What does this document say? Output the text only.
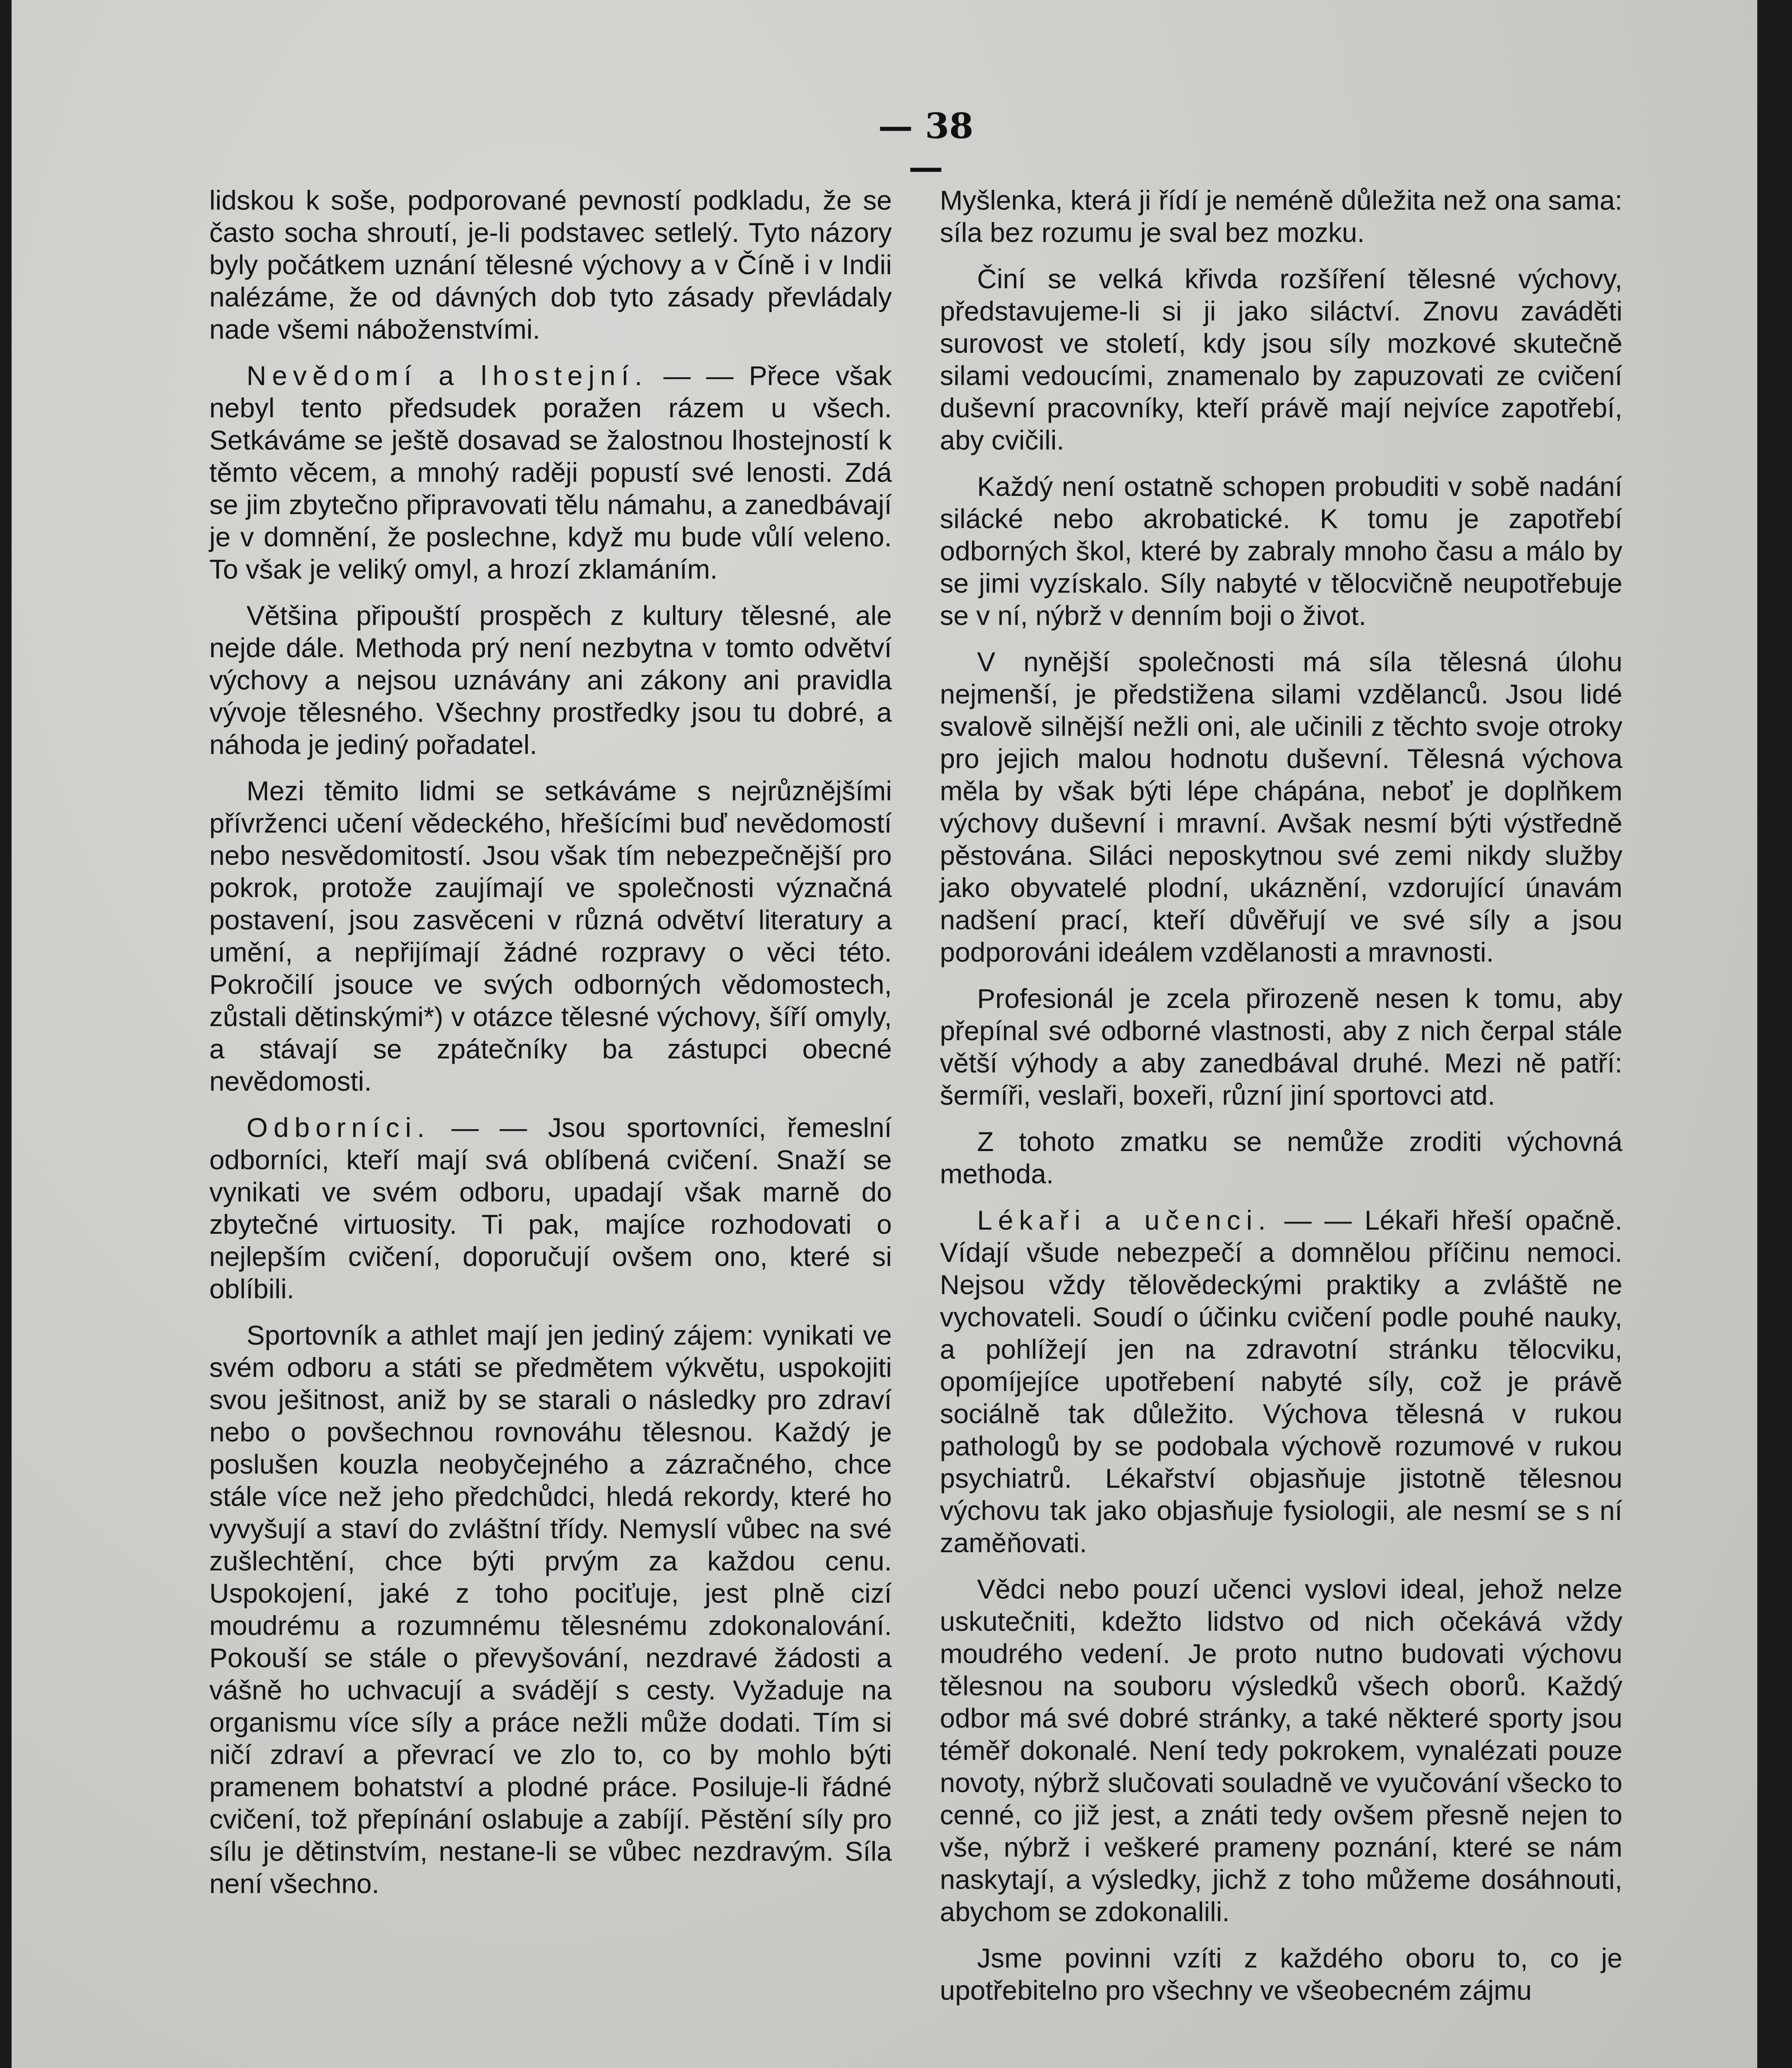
— 38 —

lidskou k soše, podporované pevností podkladu, že se často socha shroutí, je-li podstavec setlelý. Tyto názory byly počátkem uznání tělesné výchovy a v Číně i v Indii nalézáme, že od dávných dob tyto zásady převládaly nade všemi náboženstvími.

Nevědomí a lhostejní. — — Přece však nebyl tento předsudek poražen rázem u všech. Setkáváme se ještě dosavad se žalostnou lhostejností k těmto věcem, a mnohý raději popustí své lenosti. Zdá se jim zbytečno připravovati tělu námahu, a zanedbávají je v domnění, že poslechne, když mu bude vůlí veleno. To však je veliký omyl, a hrozí zklamáním.

Většina připouští prospěch z kultury tělesné, ale nejde dále. Methoda prý není nezbytna v tomto odvětví výchovy a nejsou uznávány ani zákony ani pravidla vývoje tělesného. Všechny prostředky jsou tu dobré, a náhoda je jediný pořadatel.

Mezi těmito lidmi se setkáváme s nejrůznějšími přívrženci učení vědeckého, hřešícími buď nevědomostí nebo nesvědomitostí. Jsou však tím nebezpečnější pro pokrok, protože zaujímají ve společnosti význačná postavení, jsou zasvěceni v různá odvětví literatury a umění, a nepřijímají žádné rozpravy o věci této. Pokročilí jsouce ve svých odborných vědomostech, zůstali dětinskými*) v otázce tělesné výchovy, šíří omyly, a stávají se zpátečníky ba zástupci obecné nevědomosti.

Odborníci. — — Jsou sportovníci, řemeslní odborníci, kteří mají svá oblíbená cvičení. Snaží se vynikati ve svém odboru, upadají však marně do zbytečné virtuosity. Ti pak, majíce rozhodovati o nejlepším cvičení, doporučují ovšem ono, které si oblíbili.

Sportovník a athlet mají jen jediný zájem: vynikati ve svém odboru a státi se předmětem výkvětu, uspokojiti svou ješitnost, aniž by se starali o následky pro zdraví nebo o povšechnou rovnováhu tělesnou. Každý je poslušen kouzla neobyčejného a zázračného, chce stále více než jeho předchůdci, hledá rekordy, které ho vyvyšují a staví do zvláštní třídy. Nemyslí vůbec na své zušlechtění, chce býti prvým za každou cenu. Uspokojení, jaké z toho pociťuje, jest plně cizí moudrému a rozumnému tělesnému zdokonalování. Pokouší se stále o převyšování, nezdravé žádosti a vášně ho uchvacují a svádějí s cesty. Vyžaduje na organismu více síly a práce nežli může dodati. Tím si ničí zdraví a převrací ve zlo to, co by mohlo býti pramenem bohatství a plodné práce. Posiluje-li řádné cvičení, tož přepínání oslabuje a zabíjí. Pěstění síly pro sílu je dětinstvím, nestane-li se vůbec nezdravým. Síla není všechno.

Myšlenka, která ji řídí je neméně důležita než ona sama: síla bez rozumu je sval bez mozku.

Činí se velká křivda rozšíření tělesné výchovy, představujeme-li si ji jako siláctví. Znovu zaváděti surovost ve století, kdy jsou síly mozkové skutečně silami vedoucími, znamenalo by zapuzovati ze cvičení duševní pracovníky, kteří právě mají nejvíce zapotřebí, aby cvičili.

Každý není ostatně schopen probuditi v sobě nadání silácké nebo akrobatické. K tomu je zapotřebí odborných škol, které by zabraly mnoho času a málo by se jimi vyzískalo. Síly nabyté v tělocvičně neupotřebuje se v ní, nýbrž v denním boji o život.

V nynější společnosti má síla tělesná úlohu nejmenší, je předstižena silami vzdělanců. Jsou lidé svalově silnější nežli oni, ale učinili z těchto svoje otroky pro jejich malou hodnotu duševní. Tělesná výchova měla by však býti lépe chápána, neboť je doplňkem výchovy duševní i mravní. Avšak nesmí býti výstředně pěstována. Siláci neposkytnou své zemi nikdy služby jako obyvatelé plodní, ukáznění, vzdorující únavám nadšení prací, kteří důvěřují ve své síly a jsou podporováni ideálem vzdělanosti a mravnosti.

Profesionál je zcela přirozeně nesen k tomu, aby přepínal své odborné vlastnosti, aby z nich čerpal stále větší výhody a aby zanedbával druhé. Mezi ně patří: šermíři, veslaři, boxeři, různí jiní sportovci atd.

Z tohoto zmatku se nemůže zroditi výchovná methoda.

Lékaři a učenci. — — Lékaři hřeší opačně. Vídají všude nebezpečí a domnělou příčinu nemoci. Nejsou vždy tělovědeckými praktiky a zvláště ne vychovateli. Soudí o účinku cvičení podle pouhé nauky, a pohlížejí jen na zdravotní stránku tělocviku, opomíjejíce upotřebení nabyté síly, což je právě sociálně tak důležito. Výchova tělesná v rukou pathologů by se podobala výchově rozumové v rukou psychiatrů. Lékařství objasňuje jistotně tělesnou výchovu tak jako objasňuje fysiologii, ale nesmí se s ní zaměňovati.

Vědci nebo pouzí učenci vyslovi ideal, jehož nelze uskutečniti, kdežto lidstvo od nich očekává vždy moudrého vedení. Je proto nutno budovati výchovu tělesnou na souboru výsledků všech oborů. Každý odbor má své dobré stránky, a také některé sporty jsou téměř dokonalé. Není tedy pokrokem, vynalézati pouze novoty, nýbrž slučovati souladně ve vyučování všecko to cenné, co již jest, a znáti tedy ovšem přesně nejen to vše, nýbrž i veškeré prameny poznání, které se nám naskytají, a výsledky, jichž z toho můžeme dosáhnouti, abychom se zdokonalili.

Jsme povinni vzíti z každého oboru to, co je upotřebitelno pro všechny ve všeobecném zájmu
